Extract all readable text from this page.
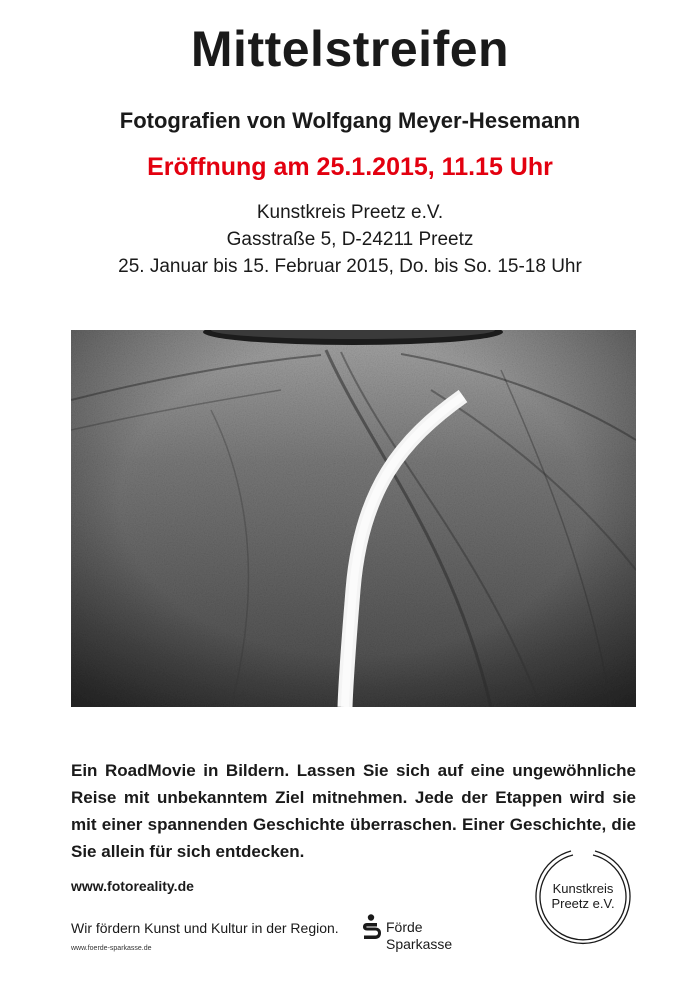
Mittelstreifen
Fotografien von Wolfgang Meyer-Hesemann
Eröffnung am 25.1.2015, 11.15 Uhr
Kunstkreis Preetz e.V.
Gasstraße 5, D-24211 Preetz
25. Januar bis 15. Februar 2015, Do. bis So. 15-18 Uhr
Ein RoadMovie in Bildern. Lassen Sie sich auf eine ungewöhnliche Reise mit unbekanntem Ziel mitnehmen. Jede der Etappen wird sie mit einer spannenden Geschichte überraschen. Einer Geschichte, die Sie allein für sich entdecken.
www.fotoreality.de
Wir fördern Kunst und Kultur in der Region.
www.foerde-sparkasse.de
Förde
Sparkasse
Kunstkreis
Preetz e.V.
